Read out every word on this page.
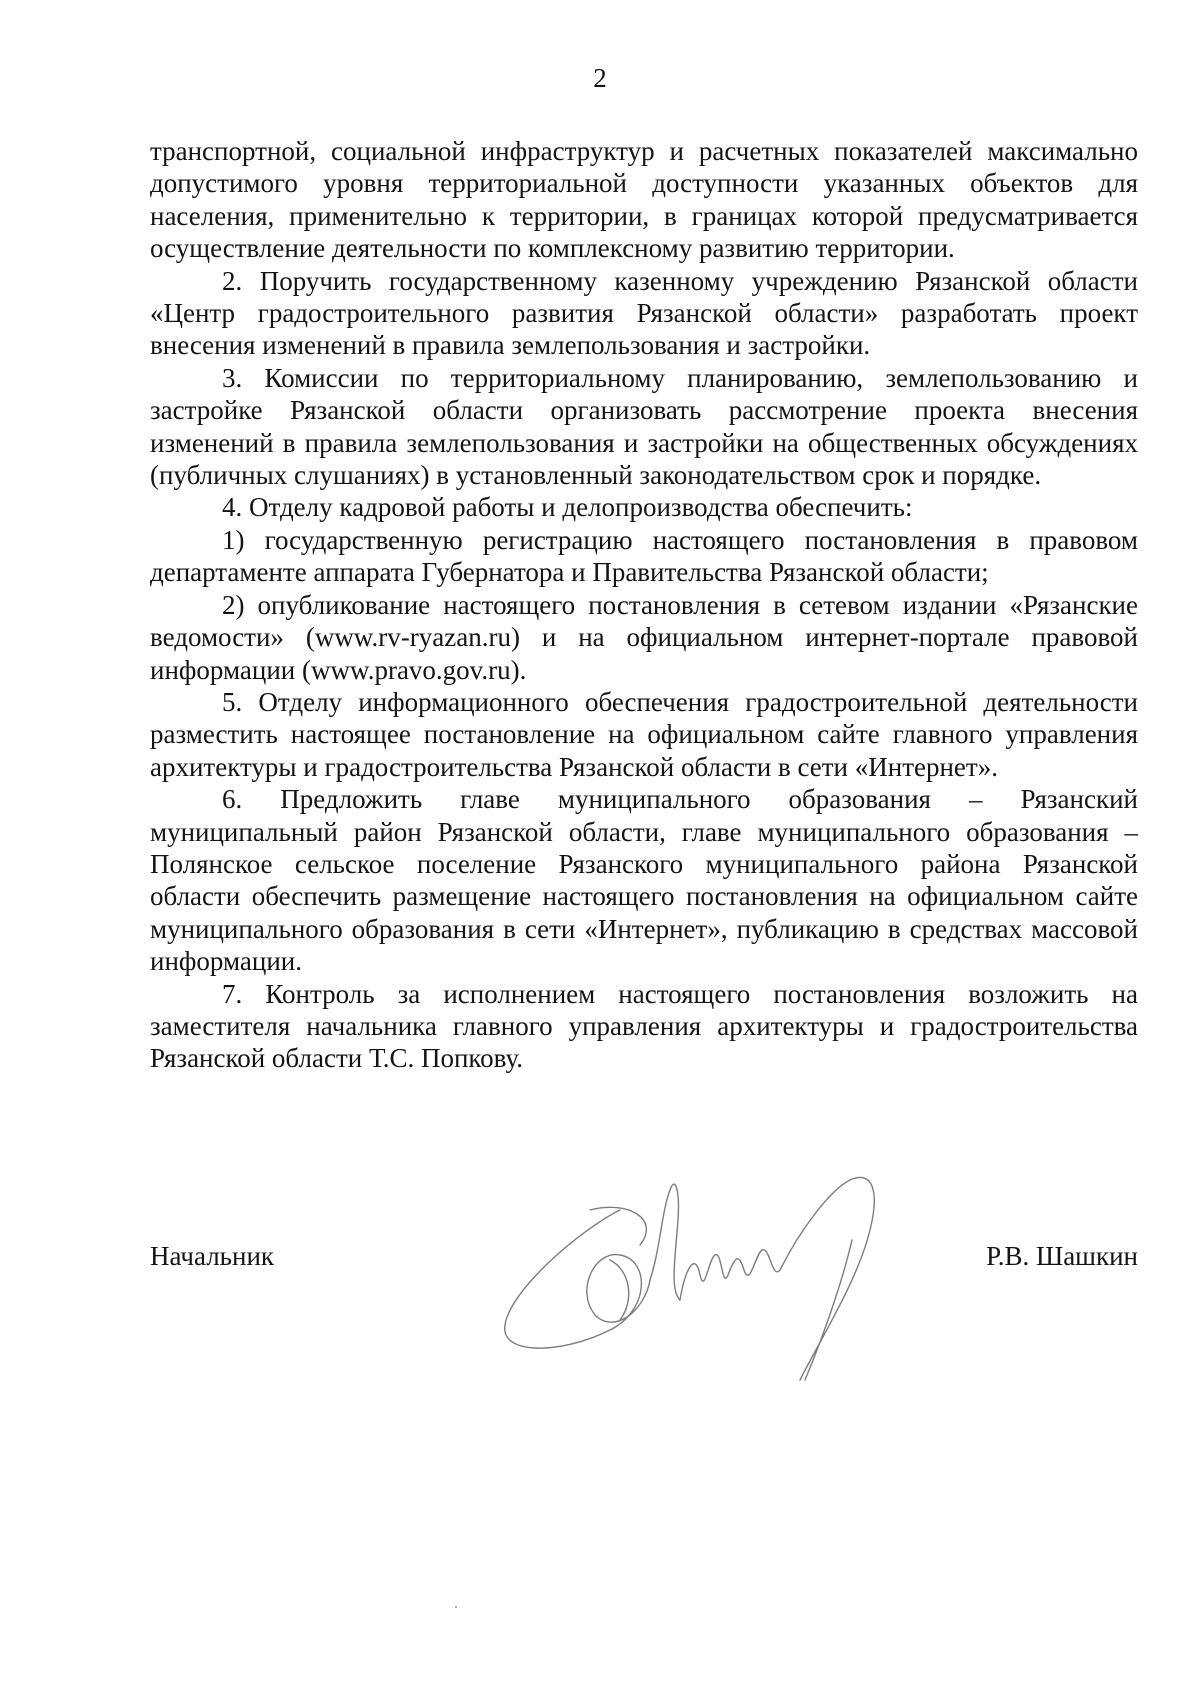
2

транспортной, социальной инфраструктур и расчетных показателей максимально допустимого уровня территориальной доступности указанных объектов для населения, применительно к территории, в границах которой предусматривается осуществление деятельности по комплексному развитию территории.

2. Поручить государственному казенному учреждению Рязанской области «Центр градостроительного развития Рязанской области» разработать проект внесения изменений в правила землепользования и застройки.

3. Комиссии по территориальному планированию, землепользованию и застройке Рязанской области организовать рассмотрение проекта внесения изменений в правила землепользования и застройки на общественных обсуждениях (публичных слушаниях) в установленный законодательством срок и порядке.

4. Отделу кадровой работы и делопроизводства обеспечить:

1) государственную регистрацию настоящего постановления в правовом департаменте аппарата Губернатора и Правительства Рязанской области;

2) опубликование настоящего постановления в сетевом издании «Рязанские ведомости» (www.rv-ryazan.ru) и на официальном интернет-портале правовой информации (www.pravo.gov.ru).

5. Отделу информационного обеспечения градостроительной деятельности разместить настоящее постановление на официальном сайте главного управления архитектуры и градостроительства Рязанской области в сети «Интернет».

6. Предложить главе муниципального образования – Рязанский муниципальный район Рязанской области, главе муниципального образования – Полянское сельское поселение Рязанского муниципального района Рязанской области обеспечить размещение настоящего постановления на официальном сайте муниципального образования в сети «Интернет», публикацию в средствах массовой информации.

7. Контроль за исполнением настоящего постановления возложить на заместителя начальника главного управления архитектуры и градостроительства Рязанской области Т.С. Попкову.

Начальник	Р.В. Шашкин
